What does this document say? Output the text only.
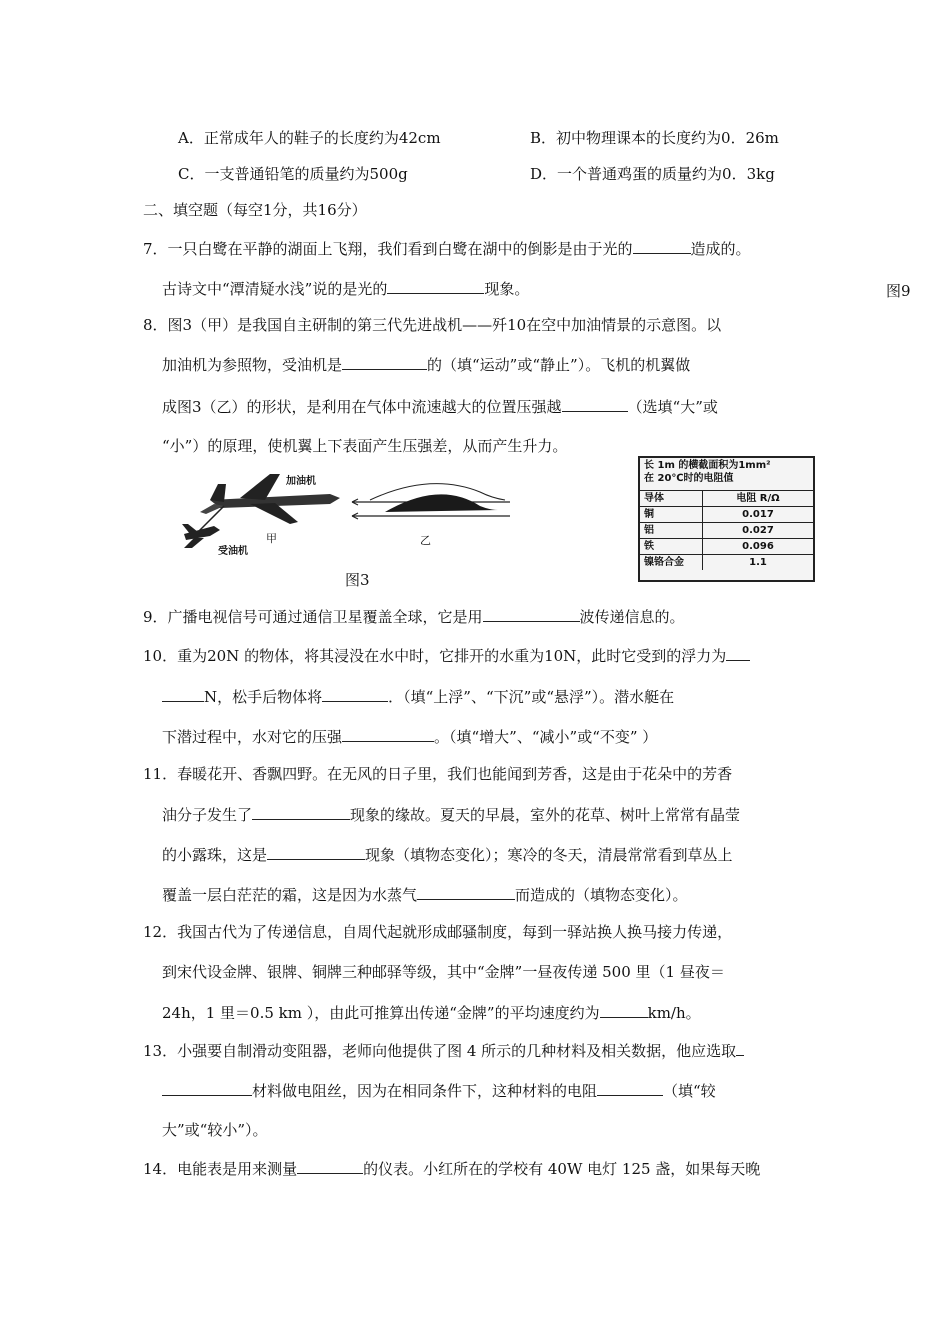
A．正常成年人的鞋子的长度约为42cm	B．初中物理课本的长度约为0．26m
C．一支普通铅笔的质量约为500g	D．一个普通鸡蛋的质量约为0．3kg
二、填空题（每空1分，共16分）
7．一只白鹭在平静的湖面上飞翔，我们看到白鹭在湖中的倒影是由于光的	造成的。
古诗文中“潭清疑水浅”说的是光的	现象。	图9
8．图3（甲）是我国自主研制的第三代先进战机——歼10在空中加油情景的示意图。以
加油机为参照物，受油机是	的（填“运动”或“静止”）。飞机的机翼做
成图3（乙）的形状，是利用在气体中流速越大的位置压强越	（选填“大”或
“小”）的原理，使机翼上下表面产生压强差，从而产生升力。
加油机
受油机
甲	乙
图3
长 1m 的横截面积为1mm²
在 20℃时的电阻值
导体	电阻 R/Ω
铜	0.017
铝	0.027
铁	0.096
镍铬合金	1.1
9．广播电视信号可通过通信卫星覆盖全球，它是用	波传递信息的。
10．重为20N 的物体，将其浸没在水中时，它排开的水重为10N，此时它受到的浮力为
N，松手后物体将	．（填“上浮”、“下沉”或“悬浮”）。潜水艇在
下潜过程中，水对它的压强	。（填“增大”、“减小”或“不变” ）
11．春暖花开、香飘四野。在无风的日子里，我们也能闻到芳香，这是由于花朵中的芳香
油分子发生了	现象的缘故。夏天的早晨，室外的花草、树叶上常常有晶莹
的小露珠，这是	现象（填物态变化）；寒冷的冬天，清晨常常看到草丛上
覆盖一层白茫茫的霜，这是因为水蒸气	而造成的（填物态变化）。
12．我国古代为了传递信息，自周代起就形成邮骚制度，每到一驿站换人换马接力传递，
到宋代设金牌、银牌、铜牌三种邮驿等级，其中“金牌”一昼夜传递 500 里（1 昼夜＝
24h，1 里＝0.5 km ），由此可推算出传递“金牌”的平均速度约为	km/h。
13．小强要自制滑动变阻器，老师向他提供了图 4 所示的几种材料及相关数据，他应选取
材料做电阻丝，因为在相同条件下，这种材料的电阻	（填“较
大”或“较小”）。
14．电能表是用来测量	的仪表。小红所在的学校有 40W 电灯 125 盏，如果每天晚
